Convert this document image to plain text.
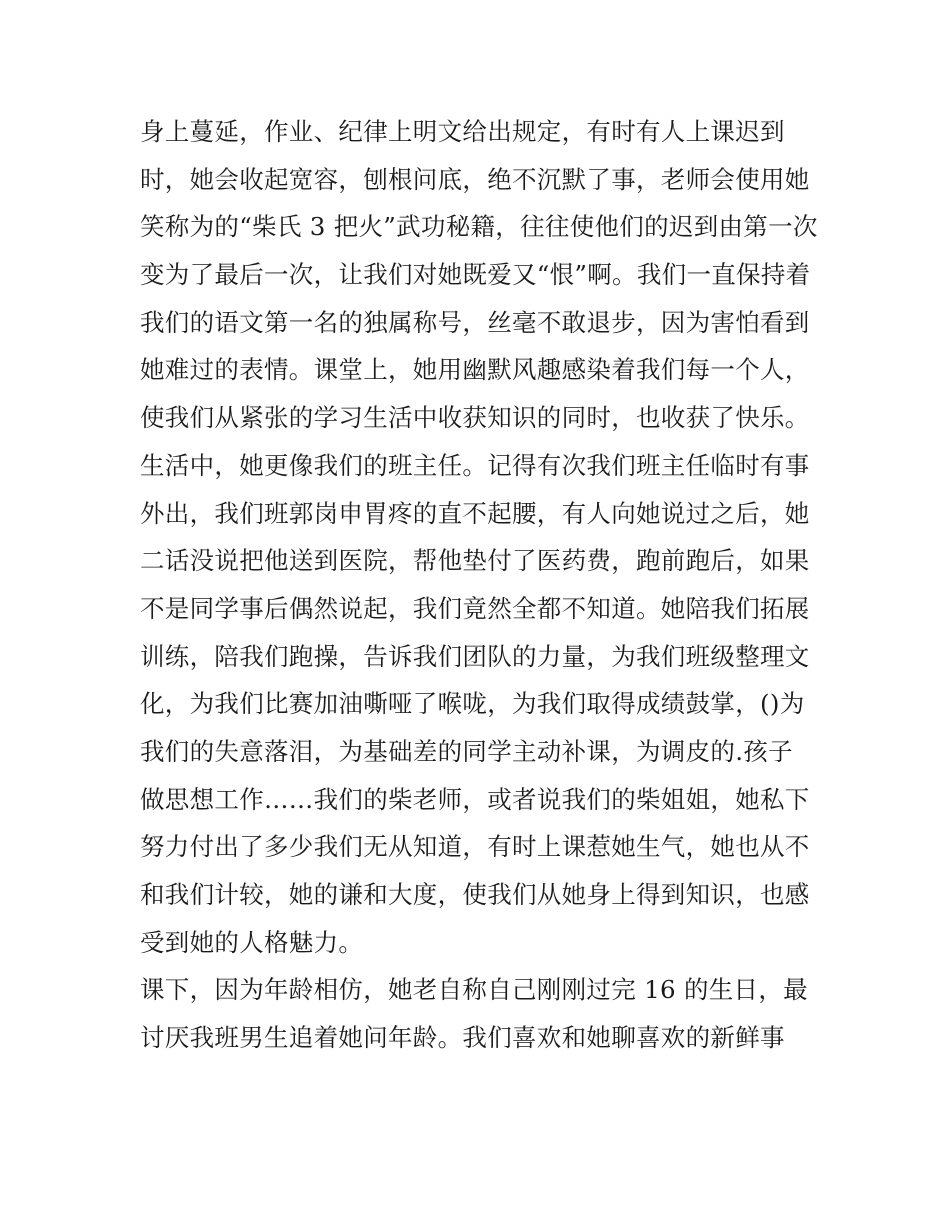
身上蔓延，作业、纪律上明文给出规定，有时有人上课迟到
时，她会收起宽容，刨根问底，绝不沉默了事，老师会使用她
笑称为的“柴氏 3 把火”武功秘籍，往往使他们的迟到由第一次
变为了最后一次，让我们对她既爱又“恨”啊。我们一直保持着
我们的语文第一名的独属称号，丝毫不敢退步，因为害怕看到
她难过的表情。课堂上，她用幽默风趣感染着我们每一个人，
使我们从紧张的学习生活中收获知识的同时，也收获了快乐。
生活中，她更像我们的班主任。记得有次我们班主任临时有事
外出，我们班郭岗申胃疼的直不起腰，有人向她说过之后，她
二话没说把他送到医院，帮他垫付了医药费，跑前跑后，如果
不是同学事后偶然说起，我们竟然全都不知道。她陪我们拓展
训练，陪我们跑操，告诉我们团队的力量，为我们班级整理文
化，为我们比赛加油嘶哑了喉咙，为我们取得成绩鼓掌，()为
我们的失意落泪，为基础差的同学主动补课，为调皮的.孩子
做思想工作……我们的柴老师，或者说我们的柴姐姐，她私下
努力付出了多少我们无从知道，有时上课惹她生气，她也从不
和我们计较，她的谦和大度，使我们从她身上得到知识，也感
受到她的人格魅力。
课下，因为年龄相仿，她老自称自己刚刚过完 16 的生日，最
讨厌我班男生追着她问年龄。我们喜欢和她聊喜欢的新鲜事
